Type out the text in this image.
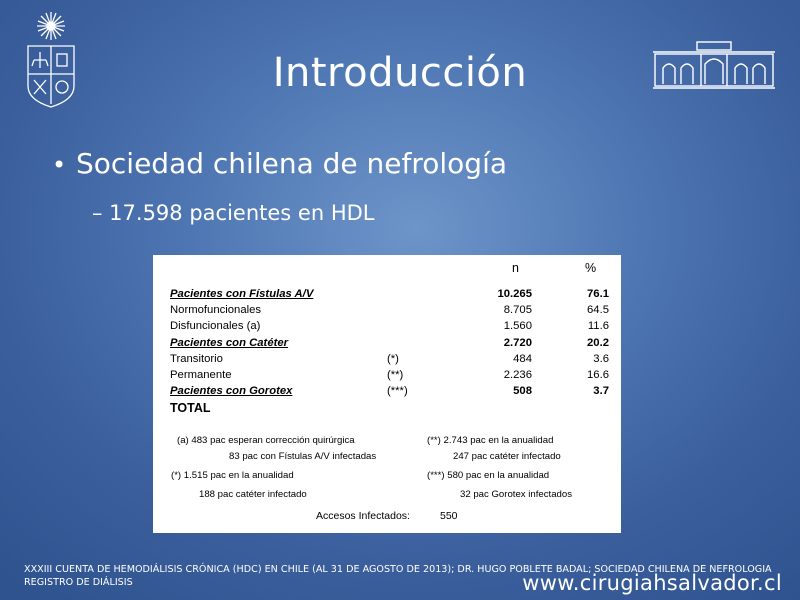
Introducción
• Sociedad chilena de nefrología
– 17.598 pacientes en HDL
n	%
Pacientes con Fístulas A/V	10.265	76.1
Normofuncionales	8.705	64.5
Disfuncionales (a)	1.560	11.6
Pacientes con Catéter	2.720	20.2
Transitorio	(*)	484	3.6
Permanente	(**)	2.236	16.6
Pacientes con Gorotex	(***)	508	3.7
TOTAL
(a) 483 pac esperan corrección quirúrgica
83 pac con Fístulas A/V infectadas
(*) 1.515 pac en la anualidad
188 pac catéter infectado
(**) 2.743 pac en la anualidad
247 pac catéter infectado
(***) 580 pac en la anualidad
32 pac Gorotex infectados
Accesos Infectados:	550
XXXIII CUENTA DE HEMODIÁLISIS CRÓNICA (HDC) EN CHILE (AL 31 DE AGOSTO DE 2013); DR. HUGO POBLETE BADAL; SOCIEDAD CHILENA DE NEFROLOGIA
REGISTRO DE DIÁLISIS	www.cirugiahsalvador.cl
